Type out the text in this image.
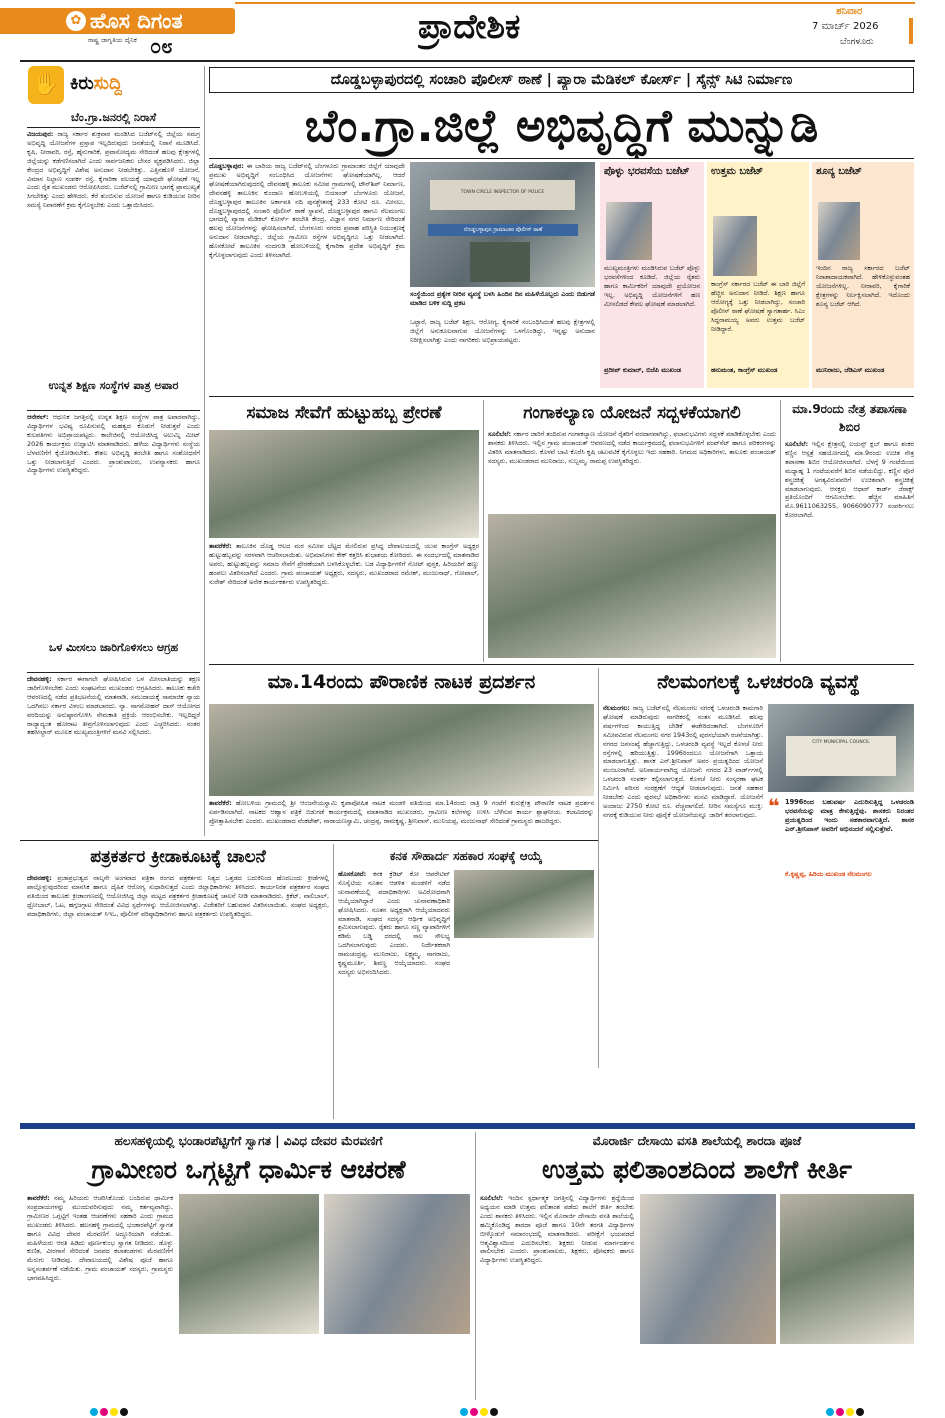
✿ ಹೊಸ ದಿಗಂತ
ರಾಷ್ಟ್ರ ಜಾಗೃತಿಯ ದೈನಿಕ ೦೮	ಪ್ರಾದೇಶಿಕ	ಶನಿವಾರ
7 ಮಾರ್ಚ್ 2026
ಬೆಂಗಳೂರು
✋ ಕಿರುಸುದ್ದಿ
ಬೆಂ.ಗ್ರಾ.ಜನರಲ್ಲಿ ನಿರಾಸೆ
ವಿಜಯಪುರ: ರಾಜ್ಯ ಸರ್ಕಾರ ಶುಕ್ರವಾರ ಮಂಡಿಸಿದ ಬಜೆಟ್‌ನಲ್ಲಿ ಜಿಲ್ಲೆಯ ಸಮಗ್ರ ಅಭಿವೃದ್ಧಿ ಯೋಜನೆಗಳ ಪ್ರಸ್ತಾಪ ಇಲ್ಲದಿರುವುದು ಜನತೆಯಲ್ಲಿ ನಿರಾಸೆ ಮೂಡಿಸಿದೆ. ಕೃಷಿ, ನೀರಾವರಿ, ರಸ್ತೆ, ಹೈನುಗಾರಿಕೆ, ಪ್ರವಾಸೋದ್ಯಮ ಸೇರಿದಂತೆ ಹಲವು ಕ್ಷೇತ್ರಗಳಲ್ಲಿ ಜಿಲ್ಲೆಯನ್ನು ಕಡೆಗಣಿಸಲಾಗಿದೆ ಎಂದು ಸಾರ್ವಜನಿಕರು ಬೇಸರ ವ್ಯಕ್ತಪಡಿಸಿದರು. ಜಿಲ್ಲಾ ಕೇಂದ್ರದ ಅಭಿವೃದ್ಧಿಗೆ ವಿಶೇಷ ಅನುದಾನ ನೀಡಬೇಕಿತ್ತು. ಎತ್ತಿನಹೊಳೆ ಯೋಜನೆ, ವಿಮಾನ ನಿಲ್ದಾಣ ಸಂಪರ್ಕ ರಸ್ತೆ, ಕೈಗಾರಿಕಾ ವಲಯಕ್ಕೆ ಯಾವುದೇ ಘೋಷಣೆ ಇಲ್ಲ ಎಂದು ರೈತ ಮುಖಂಡರು ಆರೋಪಿಸಿದರು. ಬಜೆಟ್‌ನಲ್ಲಿ ಗ್ರಾಮೀಣ ಭಾಗಕ್ಕೆ ಪ್ರಾಮುಖ್ಯತೆ ಸಿಗಬೇಕಿತ್ತು ಎಂದು ಹೇಳಿದರು. ಕೆರೆ ತುಂಬಿಸುವ ಯೋಜನೆ ಹಾಗೂ ಕುಡಿಯುವ ನೀರಿನ ಸಮಸ್ಯೆ ನಿವಾರಣೆಗೆ ಕ್ರಮ ಕೈಗೊಳ್ಳಬೇಕು ಎಂದು ಒತ್ತಾಯಿಸಿದರು.
ಉನ್ನತ ಶಿಕ್ಷಣ ಸಂಸ್ಥೆಗಳ ಪಾತ್ರ ಅಪಾರ
ಆನೇಕಲ್: ಆಧುನಿಕ ಜಗತ್ತಿನಲ್ಲಿ ಉನ್ನತ ಶಿಕ್ಷಣ ಸಂಸ್ಥೆಗಳ ಪಾತ್ರ ಅಪಾರವಾಗಿದ್ದು, ವಿದ್ಯಾರ್ಥಿಗಳ ಭವಿಷ್ಯ ರೂಪಿಸುವಲ್ಲಿ ಮಹತ್ವದ ಕೊಡುಗೆ ನೀಡುತ್ತವೆ ಎಂದು ಕುಲಪತಿಗಳು ಅಭಿಪ್ರಾಯಪಟ್ಟರು. ಕಾಲೇಜಿನಲ್ಲಿ ಆಯೋಜಿಸಿದ್ದ ಅಲುಮ್ನಿ ಮೀಟ್ 2026 ಕಾರ್ಯಕ್ರಮ ಉದ್ಘಾಟಿಸಿ ಮಾತನಾಡಿದರು. ಹಳೆಯ ವಿದ್ಯಾರ್ಥಿಗಳು ಸಂಸ್ಥೆಯ ಬೆಳವಣಿಗೆಗೆ ಕೈಜೋಡಿಸಬೇಕು. ಕೌಶಲ ಅಭಿವೃದ್ಧಿ ತರಬೇತಿ ಹಾಗೂ ಸಂಶೋಧನೆಗೆ ಒತ್ತು ನೀಡಲಾಗುತ್ತಿದೆ ಎಂದರು. ಪ್ರಾಂಶುಪಾಲರು, ಉಪನ್ಯಾಸಕರು ಹಾಗೂ ವಿದ್ಯಾರ್ಥಿಗಳು ಉಪಸ್ಥಿತರಿದ್ದರು.
ಒಳ ಮೀಸಲು ಜಾರಿಗೊಳಿಸಲು ಆಗ್ರಹ
ದೇವನಹಳ್ಳಿ: ಸರ್ಕಾರ ಈಗಾಗಲೇ ಘೋಷಿಸಿರುವ ಒಳ ಮೀಸಲಾತಿಯನ್ನು ತಕ್ಷಣ ಜಾರಿಗೊಳಿಸಬೇಕು ಎಂದು ಸಂಘಟನೆಯ ಮುಖಂಡರು ಆಗ್ರಹಿಸಿದರು. ತಾಲೂಕು ಕಚೇರಿ ಆವರಣದಲ್ಲಿ ನಡೆದ ಪ್ರತಿಭಟನೆಯಲ್ಲಿ ಮಾತನಾಡಿ, ಸಮುದಾಯಕ್ಕೆ ಸಾಮಾಜಿಕ ನ್ಯಾಯ ಒದಗಿಸಲು ಸರ್ಕಾರ ವಿಳಂಬ ಮಾಡಬಾರದು. ನ್ಯಾ. ನಾಗಮೋಹನ್ ದಾಸ್ ಆಯೋಗದ ವರದಿಯನ್ನು ಅನುಷ್ಠಾನಗೊಳಿಸಿ ನೇಮಕಾತಿ ಪ್ರಕ್ರಿಯೆ ಆರಂಭಿಸಬೇಕು. ಇಲ್ಲದಿದ್ದರೆ ರಾಜ್ಯಾದ್ಯಂತ ಹೋರಾಟ ತೀವ್ರಗೊಳಿಸಲಾಗುವುದು ಎಂದು ಎಚ್ಚರಿಸಿದರು. ನಂತರ ತಹಸೀಲ್ದಾರ್ ಮೂಲಕ ಮುಖ್ಯಮಂತ್ರಿಗಳಿಗೆ ಮನವಿ ಸಲ್ಲಿಸಿದರು.
ದೊಡ್ಡಬಳ್ಳಾಪುರದಲ್ಲಿ ಸಂಚಾರಿ ಪೊಲೀಸ್ ಠಾಣೆ | ಪ್ಯಾರಾ ಮೆಡಿಕಲ್ ಕೋರ್ಸ್ | ಸೈನ್ಸ್ ಸಿಟಿ ನಿರ್ಮಾಣ
ಬೆಂ.ಗ್ರಾ.ಜಿಲ್ಲೆ ಅಭಿವೃದ್ಧಿಗೆ ಮುನ್ನುಡಿ
ದೊಡ್ಡಬಳ್ಳಾಪುರ: ಈ ಬಾರಿಯ ರಾಜ್ಯ ಬಜೆಟ್‌ನಲ್ಲಿ ಬೆಂಗಳೂರು ಗ್ರಾಮಾಂತರ ಜಿಲ್ಲೆಗೆ ಯಾವುದೇ ಪ್ರಮುಖ ಅಭಿವೃದ್ಧಿಗೆ ಸಂಬಂಧಿಸಿದ ಯೋಜನೆಗಳು ಘೋಷಣೆಯಾಗಿಲ್ಲ. ಆದರೆ ಘೋಷಣೆಯಾಗಿರುವುದರಲ್ಲಿ ದೇವನಹಳ್ಳಿ ತಾಲೂಕು ಸಮೀಪ ಗ್ರಾಮಗಳಲ್ಲಿ ಟೌನ್‌ಶಿಪ್ ನಿರ್ಮಾಣ, ದೇವನಹಳ್ಳಿ ತಾಲೂಕಿನ ಕುಂದಾಣ ಹೋಬಳಿಯಲ್ಲಿ ಬಿಯಾಂಡ್ ಬೆಂಗಳೂರು ಯೋಜನೆ, ದೊಡ್ಡಬಳ್ಳಾಪುರ ತಾಲೂಕಿನ ಅರ್ಕಾವತಿ ನದಿ ಪುನಶ್ಚೇತನಕ್ಕೆ 233 ಕೋಟಿ ರೂ. ಮೀಸಲು, ದೊಡ್ಡಬಳ್ಳಾಪುರದಲ್ಲಿ ಸಂಚಾರಿ ಪೊಲೀಸ್ ಠಾಣೆ ಸ್ಥಾಪನೆ, ದೊಡ್ಡಬಳ್ಳಾಪುರ ಹಾಗೂ ನೆಲಮಂಗಲ ಭಾಗದಲ್ಲಿ ಪ್ಯಾರಾ ಮೆಡಿಕಲ್ ಕೋರ್ಸ್ ತರಬೇತಿ ಕೇಂದ್ರ, ವಿಜ್ಞಾನ ನಗರ ನಿರ್ಮಾಣ ಸೇರಿದಂತೆ ಹಲವು ಯೋಜನೆಗಳನ್ನು ಘೋಷಿಸಲಾಗಿದೆ. ಬೆಂಗಳೂರು ನಗರದ ಪ್ರವಾಹ ಪರಿಸ್ಥಿತಿ ನಿಯಂತ್ರಣಕ್ಕೆ ಅನುದಾನ ನೀಡಲಾಗಿದ್ದು, ಜಿಲ್ಲೆಯ ಗ್ರಾಮೀಣ ರಸ್ತೆಗಳ ಅಭಿವೃದ್ಧಿಗೂ ಒತ್ತು ನೀಡಲಾಗಿದೆ. ಹೊಸಕೋಟೆ ತಾಲೂಕಿನ ನಂದಗುಡಿ ಹೋಬಳಿಯಲ್ಲಿ ಕೈಗಾರಿಕಾ ಪ್ರದೇಶ ಅಭಿವೃದ್ಧಿಗೆ ಕ್ರಮ ಕೈಗೊಳ್ಳಲಾಗುವುದು ಎಂದು ತಿಳಿಸಲಾಗಿದೆ.
TOWN CIRCLE INSPECTOR OF POLICE
ದೊಡ್ಡಬಳ್ಳಾಪುರ ಗ್ರಾಮಾಂತರ ಪೊಲೀಸ್ ಠಾಣೆ
ಸಂಸ್ಥೆಯಿಂದ ಪ್ರತ್ಯೇಕ ನೀರಿನ ವ್ಯವಸ್ಥೆ ಬಳಸಿ ಹಿಂದಿನ ದಿನ ಮಹಿಳೆಯೊಬ್ಬರು ಎಂದು ಬಿಡುಗಡೆ ಮಾಡಿದ ಬಳಿಕ ಸುದ್ದಿ ಪ್ರಕಟ
ಒಟ್ಟಾರೆ, ರಾಜ್ಯ ಬಜೆಟ್ ಶಿಕ್ಷಣ, ಆರೋಗ್ಯ, ಕೈಗಾರಿಕೆ ಸಂಬಂಧಿಸಿದಂತೆ ಹಲವು ಕ್ಷೇತ್ರಗಳಲ್ಲಿ ಜಿಲ್ಲೆಗೆ ಅನುಕೂಲವಾಗುವ ಯೋಜನೆಗಳನ್ನು ಒಳಗೊಂಡಿದ್ದು, ಇನ್ನಷ್ಟು ಅನುದಾನ ನಿರೀಕ್ಷಿಸಲಾಗಿತ್ತು ಎಂದು ನಾಗರಿಕರು ಅಭಿಪ್ರಾಯಪಟ್ಟರು.
ಪೊಳ್ಳು ಭರವಸೆಯ ಬಜೆಟ್
ಮುಖ್ಯಮಂತ್ರಿಗಳು ಮಂಡಿಸಿರುವ ಬಜೆಟ್ ಪೊಳ್ಳು ಭರವಸೆಗಳಿಂದ ಕೂಡಿದೆ. ಜಿಲ್ಲೆಯ ರೈತರು ಹಾಗೂ ಕಾರ್ಮಿಕರಿಗೆ ಯಾವುದೇ ಪ್ರಯೋಜನ ಇಲ್ಲ. ಅಭಿವೃದ್ಧಿ ಯೋಜನೆಗಳಿಗೆ ಹಣ ಮೀಸಲಿಡದೆ ಕೇವಲ ಘೋಷಣೆ ಮಾಡಲಾಗಿದೆ.
ಪ್ರದೀಪ್ ಕುಮಾರ್, ಬಿಜೆಪಿ ಮುಖಂಡ
ಉತ್ತಮ ಬಜೆಟ್
ಕಾಂಗ್ರೆಸ್ ಸರ್ಕಾರದ ಬಜೆಟ್ ಈ ಬಾರಿ ಜಿಲ್ಲೆಗೆ ಹೆಚ್ಚಿನ ಅನುದಾನ ನೀಡಿದೆ. ಶಿಕ್ಷಣ ಹಾಗೂ ಆರೋಗ್ಯಕ್ಕೆ ಒತ್ತು ನೀಡಲಾಗಿದ್ದು, ಸಂಚಾರಿ ಪೊಲೀಸ್ ಠಾಣೆ ಘೋಷಣೆ ಸ್ವಾಗತಾರ್ಹ. ಸಿಎಂ ಸಿದ್ದರಾಮಯ್ಯ ಅವರು ಉತ್ತಮ ಬಜೆಟ್ ನೀಡಿದ್ದಾರೆ.
ಹನುಮಂತ, ಕಾಂಗ್ರೆಸ್ ಮುಖಂಡ
ಶೂನ್ಯ ಬಜೆಟ್
ಇಂದಿನ ರಾಜ್ಯ ಸರ್ಕಾರದ ಬಜೆಟ್ ನಿರಾಶಾದಾಯಕವಾಗಿದೆ. ಹೇಳಿಕೊಳ್ಳುವಂತಹ ಯೋಜನೆಗಳಿಲ್ಲ. ನೀರಾವರಿ, ಕೈಗಾರಿಕೆ ಕ್ಷೇತ್ರಗಳನ್ನು ನಿರ್ಲಕ್ಷಿಸಲಾಗಿದೆ. ಇದೊಂದು ಶೂನ್ಯ ಬಜೆಟ್ ಆಗಿದೆ.
ಮುನಿರಾಜು, ಜೆಡಿಎಸ್ ಮುಖಂಡ
ಸಮಾಜ ಸೇವೆಗೆ ಹುಟ್ಟುಹಬ್ಬ ಪ್ರೇರಣೆ
ತಾವರೆಕೆರೆ: ತಾಲೂಕಿನ ದೊಡ್ಡ ಆಲದ ಮರ ಸಮೀಪ ಬೆಟ್ಟದ ಮೇಲಿರುವ ಪ್ರಸಿದ್ಧ ದೇವಾಲಯದಲ್ಲಿ ಯುವ ಕಾಂಗ್ರೆಸ್ ಅಧ್ಯಕ್ಷರ ಹುಟ್ಟುಹಬ್ಬವನ್ನು ಸರಳವಾಗಿ ಆಚರಿಸಲಾಯಿತು. ಅಭಿಮಾನಿಗಳು ಕೇಕ್ ಕತ್ತರಿಸಿ ಶುಭಾಶಯ ಕೋರಿದರು. ಈ ಸಂದರ್ಭದಲ್ಲಿ ಮಾತನಾಡಿದ ಅವರು, ಹುಟ್ಟುಹಬ್ಬವನ್ನು ಸಮಾಜ ಸೇವೆಗೆ ಪ್ರೇರಣೆಯಾಗಿ ಬಳಸಿಕೊಳ್ಳಬೇಕು. ಬಡ ವಿದ್ಯಾರ್ಥಿಗಳಿಗೆ ನೋಟ್ ಪುಸ್ತಕ, ಹಿರಿಯರಿಗೆ ಹಣ್ಣು ಹಂಪಲು ವಿತರಿಸಲಾಗಿದೆ ಎಂದರು. ಗ್ರಾಮ ಪಂಚಾಯತ್ ಅಧ್ಯಕ್ಷರು, ಸದಸ್ಯರು, ಮುಖಂಡರಾದ ರಮೇಶ್, ಮಂಜುನಾಥ್, ಗೋಪಾಲ್, ಸುರೇಶ್ ಸೇರಿದಂತೆ ಅನೇಕ ಕಾರ್ಯಕರ್ತರು ಉಪಸ್ಥಿತರಿದ್ದರು.
ಗಂಗಾಕಲ್ಯಾಣ ಯೋಜನೆ ಸದ್ಬಳಕೆಯಾಗಲಿ
ಸೂಲಿಬೆಲೆ: ಸರ್ಕಾರ ಜಾರಿಗೆ ತಂದಿರುವ ಗಂಗಾಕಲ್ಯಾಣ ಯೋಜನೆ ರೈತರಿಗೆ ವರದಾನವಾಗಿದ್ದು, ಫಲಾನುಭವಿಗಳು ಸದ್ಬಳಕೆ ಮಾಡಿಕೊಳ್ಳಬೇಕು ಎಂದು ಶಾಸಕರು ತಿಳಿಸಿದರು. ಇಲ್ಲಿನ ಗ್ರಾಮ ಪಂಚಾಯತ್ ಆವರಣದಲ್ಲಿ ನಡೆದ ಕಾರ್ಯಕ್ರಮದಲ್ಲಿ ಫಲಾನುಭವಿಗಳಿಗೆ ಪಂಪ್‌ಸೆಟ್ ಹಾಗೂ ಪರಿಕರಗಳನ್ನು ವಿತರಿಸಿ ಮಾತನಾಡಿದರು. ಕೊಳವೆ ಬಾವಿ ಕೊರೆಸಿ ಕೃಷಿ ಚಟುವಟಿಕೆ ಕೈಗೊಳ್ಳಲು ಇದು ಸಹಕಾರಿ. ನಿಗಮದ ಅಧಿಕಾರಿಗಳು, ತಾಲೂಕು ಪಂಚಾಯತ್ ಸದಸ್ಯರು, ಮುಖಂಡರಾದ ಮುನಿರಾಜು, ಸುಬ್ಬಮ್ಮ, ರಾಮಪ್ಪ ಉಪಸ್ಥಿತರಿದ್ದರು.
ಮಾ.9ರಂದು ನೇತ್ರ ತಪಾಸಣಾ ಶಿಬಿರ
ಸೂಲಿಬೆಲೆ: ಇಲ್ಲಿನ ಕ್ಷೇತ್ರನಲ್ಲಿ ಲಯನ್ಸ್ ಕ್ಲಬ್ ಹಾಗೂ ಶಂಕರ ಕಣ್ಣಿನ ಆಸ್ಪತ್ರೆ ಸಹಯೋಗದಲ್ಲಿ ಮಾ.9ರಂದು ಉಚಿತ ನೇತ್ರ ತಪಾಸಣಾ ಶಿಬಿರ ಆಯೋಜಿಸಲಾಗಿದೆ. ಬೆಳಗ್ಗೆ 9 ಗಂಟೆಯಿಂದ ಮಧ್ಯಾಹ್ನ 1 ಗಂಟೆಯವರೆಗೆ ಶಿಬಿರ ನಡೆಯಲಿದ್ದು, ಕಣ್ಣಿನ ಪೊರೆ ಶಸ್ತ್ರಚಿಕಿತ್ಸೆ ಅಗತ್ಯವಿರುವವರಿಗೆ ಉಚಿತವಾಗಿ ಶಸ್ತ್ರಚಿಕಿತ್ಸೆ ಮಾಡಲಾಗುವುದು. ಆಸಕ್ತರು ಆಧಾರ್ ಕಾರ್ಡ್ ಜೆರಾಕ್ಸ್ ಪ್ರತಿಯೊಂದಿಗೆ ಆಗಮಿಸಬೇಕು. ಹೆಚ್ಚಿನ ಮಾಹಿತಿಗೆ ಮೊ.9611063255, 9066090777 ಸಂಪರ್ಕಿಸಲು ಕೋರಲಾಗಿದೆ.
ಮಾ.14ರಂದು ಪೌರಾಣಿಕ ನಾಟಕ ಪ್ರದರ್ಶನ
ತಾವರೆಕೆರೆ: ಹೋಬಳಿಯ ಗ್ರಾಮದಲ್ಲಿ ಶ್ರೀ ಆಂಜನೇಯಸ್ವಾಮಿ ಕೃಪಾಪೋಷಿತ ನಾಟಕ ಮಂಡಳಿ ವತಿಯಿಂದ ಮಾ.14ರಂದು ರಾತ್ರಿ 9 ಗಂಟೆಗೆ ಕುರುಕ್ಷೇತ್ರ ಪೌರಾಣಿಕ ನಾಟಕ ಪ್ರದರ್ಶನ ಏರ್ಪಡಿಸಲಾಗಿದೆ. ನಾಟಕದ ಆಹ್ವಾನ ಪತ್ರಿಕೆ ಬಿಡುಗಡೆ ಕಾರ್ಯಕ್ರಮದಲ್ಲಿ ಮಾತನಾಡಿದ ಮುಖಂಡರು, ಗ್ರಾಮೀಣ ಕಲೆಗಳನ್ನು ಉಳಿಸಿ ಬೆಳೆಸುವ ಕಾರ್ಯ ಶ್ಲಾಘನೀಯ. ಕಲಾವಿದರನ್ನು ಪ್ರೋತ್ಸಾಹಿಸಬೇಕು ಎಂದರು. ಮುಖಂಡರಾದ ವೆಂಕಟೇಶ್, ನಾರಾಯಣಸ್ವಾಮಿ, ಚಂದ್ರಪ್ಪ, ರಾಮಕೃಷ್ಣ, ಶ್ರೀನಿವಾಸ್, ಮುನಿಯಪ್ಪ, ಮಂಜುನಾಥ್ ಸೇರಿದಂತೆ ಗ್ರಾಮಸ್ಥರು ಹಾಜರಿದ್ದರು.
ನೆಲಮಂಗಲಕ್ಕೆ ಒಳಚರಂಡಿ ವ್ಯವಸ್ಥೆ
ನೆಲಮಂಗಲ: ರಾಜ್ಯ ಬಜೆಟ್‌ನಲ್ಲಿ ನೆಲಮಂಗಲ ನಗರಕ್ಕೆ ಒಳಚರಂಡಿ ಕಾಮಗಾರಿ ಘೋಷಣೆ ಮಾಡಿರುವುದು ನಾಗರಿಕರಲ್ಲಿ ಸಂತಸ ಮೂಡಿಸಿದೆ. ಹಲವು ವರ್ಷಗಳಿಂದ ಕಾಯುತ್ತಿದ್ದ ಬೇಡಿಕೆ ಈಡೇರಿದಂತಾಗಿದೆ. ಬೆಂಗಳೂರಿಗೆ ಸಮೀಪವಿರುವ ನೆಲಮಂಗಲ ನಗರ 1943ರಲ್ಲಿ ಪುರಸಭೆಯಾಗಿ ರಚನೆಯಾಗಿತ್ತು. ನಗರದ ಜನಸಂಖ್ಯೆ ಹೆಚ್ಚಾಗುತ್ತಿದ್ದು, ಒಳಚರಂಡಿ ವ್ಯವಸ್ಥೆ ಇಲ್ಲದೆ ಕೊಳಚೆ ನೀರು ರಸ್ತೆಗಳಲ್ಲಿ ಹರಿಯುತ್ತಿತ್ತು. 1996ರಿಂದಲೂ ಯೋಜನೆಗಾಗಿ ಒತ್ತಾಯ ಮಾಡಲಾಗುತ್ತಿತ್ತು. ಶಾಸಕ ಎನ್.ಶ್ರೀನಿವಾಸ್ ಅವರ ಪ್ರಯತ್ನದಿಂದ ಯೋಜನೆ ಮಂಜೂರಾಗಿದೆ. ಅನಿವಾರ್ಯವಾಗಿದ್ದ ಯೋಜನೆ: ನಗರದ 23 ವಾರ್ಡ್‌ಗಳಲ್ಲಿ ಒಳಚರಂಡಿ ಸಂಪರ್ಕ ಕಲ್ಪಿಸಲಾಗುತ್ತದೆ. ಕೊಳಚೆ ನೀರು ಸಂಸ್ಕರಣಾ ಘಟಕ ನಿರ್ಮಿಸಿ ಪರಿಸರ ಸಂರಕ್ಷಣೆಗೆ ಆದ್ಯತೆ ನೀಡಲಾಗುವುದು. ಜನತೆ ಸಹಕಾರ ನೀಡಬೇಕು ಎಂದು ಪುರಸಭೆ ಅಧಿಕಾರಿಗಳು ಮನವಿ ಮಾಡಿದ್ದಾರೆ. ಯೋಜನೆಗೆ ಅಂದಾಜು 2750 ಕೋಟಿ ರೂ. ವೆಚ್ಚವಾಗಲಿದೆ. ನೀರಿನ ಸಮಸ್ಯೆಗೂ ಮುಕ್ತಿ: ನಗರಕ್ಕೆ ಕುಡಿಯುವ ನೀರು ಪೂರೈಕೆ ಯೋಜನೆಯನ್ನೂ ಜಾರಿಗೆ ತರಲಾಗುವುದು.
CITY MUNICIPAL COUNCIL
❝ 1996ರಿಂದ ಬಹುವರ್ಷ ಎದುರಿಸುತ್ತಿದ್ದ ಒಳಚರಂಡಿ ಭರವಸೆಯನ್ನು ಮಾತ್ರ ಕೇಳುತ್ತಿದ್ದೆವು. ಶಾಸಕರು ನಿರಂತರ ಪ್ರಯತ್ನದಿಂದ ಇಂದು ಸಹಕಾರವಾಗುತ್ತಿದೆ. ಶಾಸಕ ಎನ್.ಶ್ರೀನಿವಾಸ್ ಅವರಿಗೆ ಅಭಿನಂದನೆ ಸಲ್ಲಿಸುತ್ತೇವೆ.
ಕೆ.ಕೃಷ್ಣಪ್ಪ, ಹಿರಿಯ ಮುಖಂಡ ನೆಲಮಂಗಲ
ಪತ್ರಕರ್ತರ ಕ್ರೀಡಾಕೂಟಕ್ಕೆ ಚಾಲನೆ
ದೇವನಹಳ್ಳಿ: ಪ್ರಜಾಪ್ರಭುತ್ವದ ನಾಲ್ಕನೇ ಅಂಗವಾದ ಪತ್ರಿಕಾ ರಂಗದ ಪತ್ರಕರ್ತರು ನಿತ್ಯದ ಒತ್ತಡದ ಬದುಕಿನಿಂದ ಹೊರಬಂದು ಕ್ರೀಡೆಗಳಲ್ಲಿ ಪಾಲ್ಗೊಳ್ಳುವುದರಿಂದ ಮಾನಸಿಕ ಹಾಗೂ ದೈಹಿಕ ಆರೋಗ್ಯ ಸುಧಾರಿಸುತ್ತದೆ ಎಂದು ಜಿಲ್ಲಾಧಿಕಾರಿಗಳು ತಿಳಿಸಿದರು. ಕಾರ್ಯನಿರತ ಪತ್ರಕರ್ತರ ಸಂಘದ ವತಿಯಿಂದ ತಾಲೂಕು ಕ್ರೀಡಾಂಗಣದಲ್ಲಿ ಆಯೋಜಿಸಿದ್ದ ಜಿಲ್ಲಾ ಮಟ್ಟದ ಪತ್ರಕರ್ತರ ಕ್ರೀಡಾಕೂಟಕ್ಕೆ ಚಾಲನೆ ನೀಡಿ ಮಾತನಾಡಿದರು. ಕ್ರಿಕೆಟ್, ವಾಲಿಬಾಲ್, ಥ್ರೋಬಾಲ್, ಓಟ, ಹಗ್ಗಜಗ್ಗಾಟ ಸೇರಿದಂತೆ ವಿವಿಧ ಸ್ಪರ್ಧೆಗಳನ್ನು ಆಯೋಜಿಸಲಾಗಿತ್ತು. ವಿಜೇತರಿಗೆ ಬಹುಮಾನ ವಿತರಿಸಲಾಯಿತು. ಸಂಘದ ಅಧ್ಯಕ್ಷರು, ಪದಾಧಿಕಾರಿಗಳು, ಜಿಲ್ಲಾ ಪಂಚಾಯತ್ ಸಿಇಒ, ಪೊಲೀಸ್ ವರಿಷ್ಠಾಧಿಕಾರಿಗಳು ಹಾಗೂ ಪತ್ರಕರ್ತರು ಉಪಸ್ಥಿತರಿದ್ದರು.
ಕನಕ ಸೌಹಾರ್ದ ಸಹಕಾರ ಸಂಘಕ್ಕೆ ಆಯ್ಕೆ
ಹೊಸಕೋಟೆ: ಕನಕ ಕ್ರೆಡಿಟ್ ಕೋ ಆಪರೇಟಿವ್ ಸೊಸೈಟಿಯ ನೂತನ ಆಡಳಿತ ಮಂಡಳಿಗೆ ನಡೆದ ಚುನಾವಣೆಯಲ್ಲಿ ಪದಾಧಿಕಾರಿಗಳು ಅವಿರೋಧವಾಗಿ ಆಯ್ಕೆಯಾಗಿದ್ದಾರೆ ಎಂದು ಚುನಾವಣಾಧಿಕಾರಿ ಘೋಷಿಸಿದರು. ನೂತನ ಅಧ್ಯಕ್ಷರಾಗಿ ಆಯ್ಕೆಯಾದವರು ಮಾತನಾಡಿ, ಸಂಘದ ಸದಸ್ಯರ ಆರ್ಥಿಕ ಅಭಿವೃದ್ಧಿಗೆ ಶ್ರಮಿಸಲಾಗುವುದು. ರೈತರು ಹಾಗೂ ಸಣ್ಣ ವ್ಯಾಪಾರಿಗಳಿಗೆ ಕಡಿಮೆ ಬಡ್ಡಿ ದರದಲ್ಲಿ ಸಾಲ ಸೌಲಭ್ಯ ಒದಗಿಸಲಾಗುವುದು ಎಂದರು. ನಿರ್ದೇಶಕರಾಗಿ ರಾಮಚಂದ್ರಪ್ಪ, ಮುನಿರಾಜು, ಲಕ್ಷ್ಮಮ್ಮ, ನಾಗರಾಜು, ಕೃಷ್ಣಮೂರ್ತಿ, ಶಿವಣ್ಣ ಆಯ್ಕೆಯಾದರು. ಸಂಘದ ಸದಸ್ಯರು ಅಭಿನಂದಿಸಿದರು.
ಹಲಸಹಳ್ಳಿಯಲ್ಲಿ ಭಂಡಾರಪೆಟ್ಟಿಗೆಗೆ ಸ್ವಾಗತ | ವಿವಿಧ ದೇವರ ಮೆರವಣಿಗೆ
ಗ್ರಾಮೀಣರ ಒಗ್ಗಟ್ಟಿಗೆ ಧಾರ್ಮಿಕ ಆಚರಣೆ
ತಾವರೆಕೆರೆ: ನಮ್ಮ ಹಿರಿಯರು ಆಚರಿಸಿಕೊಂಡು ಬಂದಿರುವ ಧಾರ್ಮಿಕ ಸಂಪ್ರದಾಯಗಳನ್ನು ಮುಂದುವರಿಸುವುದು ನಮ್ಮ ಕರ್ತವ್ಯವಾಗಿದ್ದು, ಗ್ರಾಮೀಣರ ಒಗ್ಗಟ್ಟಿಗೆ ಇಂತಹ ಆಚರಣೆಗಳು ಸಹಕಾರಿ ಎಂದು ಗ್ರಾಮದ ಮುಖಂಡರು ತಿಳಿಸಿದರು. ಹಲಸಹಳ್ಳಿ ಗ್ರಾಮದಲ್ಲಿ ಭಂಡಾರಪೆಟ್ಟಿಗೆ ಸ್ವಾಗತ ಹಾಗೂ ವಿವಿಧ ದೇವರ ಮೆರವಣಿಗೆ ಅದ್ದೂರಿಯಾಗಿ ನಡೆಯಿತು. ಮಹಿಳೆಯರು ಆರತಿ ಹಿಡಿದು ಪೂರ್ಣಕುಂಭ ಸ್ವಾಗತ ನೀಡಿದರು. ಡೊಳ್ಳು ಕುಣಿತ, ವೀರಗಾಸೆ ಸೇರಿದಂತೆ ಜನಪದ ಕಲಾತಂಡಗಳು ಮೆರವಣಿಗೆಗೆ ಮೆರುಗು ನೀಡಿದವು. ದೇವಾಲಯದಲ್ಲಿ ವಿಶೇಷ ಪೂಜೆ ಹಾಗೂ ಅನ್ನಸಂತರ್ಪಣೆ ನಡೆಯಿತು. ಗ್ರಾಮ ಪಂಚಾಯತ್ ಸದಸ್ಯರು, ಗ್ರಾಮಸ್ಥರು ಭಾಗವಹಿಸಿದ್ದರು.
ಮೊರಾರ್ಜಿ ದೇಸಾಯಿ ವಸತಿ ಶಾಲೆಯಲ್ಲಿ ಶಾರದಾ ಪೂಜೆ
ಉತ್ತಮ ಫಲಿತಾಂಶದಿಂದ ಶಾಲೆಗೆ ಕೀರ್ತಿ
ಸೂಲಿಬೆಲೆ: ಇಂದಿನ ಸ್ಪರ್ಧಾತ್ಮಕ ಜಗತ್ತಿನಲ್ಲಿ ವಿದ್ಯಾರ್ಥಿಗಳು ಶ್ರದ್ಧೆಯಿಂದ ಅಧ್ಯಯನ ಮಾಡಿ ಉತ್ತಮ ಫಲಿತಾಂಶ ಪಡೆದು ಶಾಲೆಗೆ ಕೀರ್ತಿ ತರಬೇಕು ಎಂದು ಶಾಸಕರು ತಿಳಿಸಿದರು. ಇಲ್ಲಿನ ಮೊರಾರ್ಜಿ ದೇಸಾಯಿ ವಸತಿ ಶಾಲೆಯಲ್ಲಿ ಹಮ್ಮಿಕೊಂಡಿದ್ದ ಶಾರದಾ ಪೂಜೆ ಹಾಗೂ 10ನೇ ತರಗತಿ ವಿದ್ಯಾರ್ಥಿಗಳ ಬೀಳ್ಕೊಡುಗೆ ಸಮಾರಂಭದಲ್ಲಿ ಮಾತನಾಡಿದರು. ಪರೀಕ್ಷೆಗೆ ಭಯಪಡದೆ ಆತ್ಮವಿಶ್ವಾಸದಿಂದ ಎದುರಿಸಬೇಕು. ಶಿಕ್ಷಕರು ನೀಡುವ ಮಾರ್ಗದರ್ಶನ ಪಾಲಿಸಬೇಕು ಎಂದರು. ಪ್ರಾಂಶುಪಾಲರು, ಶಿಕ್ಷಕರು, ಪೋಷಕರು ಹಾಗೂ ವಿದ್ಯಾರ್ಥಿಗಳು ಉಪಸ್ಥಿತರಿದ್ದರು.
